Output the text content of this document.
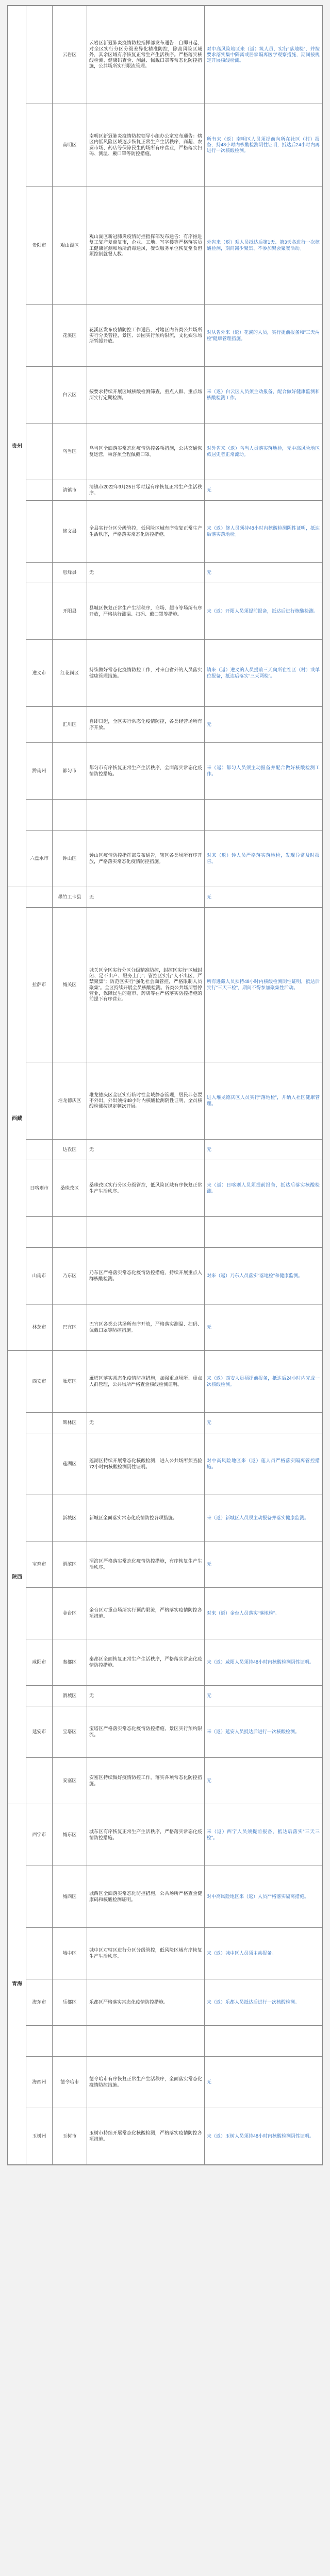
贵州		云岩区	云岩区新冠肺炎疫情防控指挥部发布通告：自即日起，对全区实行分区分级差异化精准防控，除高风险区域外，其余区域有序恢复正常生产生活秩序。严格落实核酸检测、健康码查验、测温、佩戴口罩等常态化防控措施，公共场所实行限流管理。	对中高风险地区来（返）筑人员，实行“落地检”，并按要求落实集中隔离或居家隔离医学观察措施，期间按规定开展核酸检测。
		南明区	南明区新冠肺炎疫情防控领导小组办公室发布通告：辖区内低风险区域逐步恢复正常生产生活秩序，商超、农贸市场、药店等保障民生的场所有序营业，严格落实扫码、测温、戴口罩等防控措施。	所有来（返）南明区人员须提前向所在社区（村）报备，持48小时内核酸检测阴性证明，抵达后24小时内再进行一次核酸检测。
	贵阳市	观山湖区	观山湖区新冠肺炎疫情防控指挥部发布通告：有序推进复工复产复商复市，企业、工地、写字楼等严格落实员工健康监测和场所消毒通风，餐饮服务单位恢复堂食但须控制就餐人数。	外省来（返）观人员抵达后第1天、第3天各进行一次核酸检测，期间减少聚集、不参加聚会聚餐活动。
		花溪区	花溪区发布疫情防控工作通告，对辖区内各类公共场所实行分类管控，景区、公园实行预约限流，文化娱乐场所暂缓开放。	对从省外来（返）花溪的人员，实行提前报备和“三天两检”健康管理措施。
		白云区	按要求持续开展区域核酸检测筛查，重点人群、重点场所实行定期检测。	来（返）白云区人员须主动报备，配合做好健康监测和核酸检测工作。
		乌当区	乌当区全面落实常态化疫情防控各项措施，公共交通恢复运营，乘客须全程佩戴口罩。	对外省来（返）乌当人员落实落地检，无中高风险地区旅居史者正常流动。
		清镇市	清镇市2022年9月25日零时起有序恢复正常生产生活秩序。	无
		修文县	全县实行分区分级管控，低风险区域有序恢复正常生产生活秩序，严格落实常态化防控措施。	来（返）修人员须持48小时内核酸检测阴性证明，抵达后落实落地检。
		息烽县	无	无
		开阳县	县城区恢复正常生产生活秩序，商场、超市等场所有序开放，严格执行测温、扫码、戴口罩等措施。	来（返）开阳人员须提前报备，抵达后进行核酸检测。
	遵义市	红花岗区	持续做好常态化疫情防控工作，对来自省外的人员落实健康管理措施。	请来（返）遵义的人员提前三天向所在社区（村）或单位报备，抵达后落实“三天两检”。
		汇川区	自即日起，全区实行常态化疫情防控，各类经营场所有序开放。	无
	黔南州	都匀市	都匀市有序恢复正常生产生活秩序，全面落实常态化疫情防控措施。	来（返）都匀人员须主动报备并配合做好核酸检测工作。

	六盘水市	钟山区	钟山区疫情防控指挥部发布通告，辖区各类场所有序开放，严格落实常态化疫情防控措施。	对来（返）钟人员严格落实落地检，发现异常及时报告。
西藏		墨竹工卡县	无	无
	拉萨市	城关区	城关区全区实行分区分级精准防控，封控区实行“区域封闭、足不出户、服务上门”；管控区实行“人不出区、严禁聚集”；防范区实行“强化社会面管控，严格限制人员聚集”。全区持续开展全员核酸检测。各类公共场所暂停营业，保障民生的超市、药店等在严格落实防控措施的前提下有序营业。	所有进藏人员须持48小时内核酸检测阴性证明，抵达后实行“三天三检”，期间不得参加聚集性活动。
		堆龙德庆区	堆龙德庆区全区实行临时性全域静态管理，居民非必要不外出，外出须持48小时内核酸检测阴性证明，全员核酸检测按规定频次开展。	进入堆龙德庆区人员实行“落地检”，并纳入社区健康管理。
		达孜区	无	无
	日喀则市	桑珠孜区	桑珠孜区实行分区分级管控，低风险区域有序恢复正常生产生活秩序。	来（返）日喀则人员须提前报备，抵达后落实核酸检测。

	山南市	乃东区	乃东区严格落实常态化疫情防控措施，持续开展重点人群核酸检测。	对来（返）乃东人员落实“落地检”和健康监测。
	林芝市	巴宜区	巴宜区各类公共场所有序开放，严格落实测温、扫码、佩戴口罩等防控措施。	无
陕西	西安市	雁塔区	雁塔区落实常态化疫情防控措施，加强重点场所、重点人群管理，公共场所严格查验核酸检测证明。	来（返）西安人员须提前报备，抵达后24小时内完成一次核酸检测。
		碑林区	无	无
		莲湖区	莲湖区持续开展常态化核酸检测，进入公共场所须查验72小时内核酸检测阴性证明。	对中高风险地区来（返）莲人员严格落实隔离管控措施。
		新城区	新城区全面落实常态化疫情防控各项措施。	来（返）新城区人员须主动报备并落实健康监测。
	宝鸡市	渭滨区	渭滨区严格落实常态化疫情防控措施，有序恢复生产生活秩序。	无
		金台区	金台区对重点场所实行预约限流，严格落实疫情防控各项措施。	对来（返）金台人员落实“落地检”。
	咸阳市	秦都区	秦都区全面恢复正常生产生活秩序，严格落实常态化疫情防控措施。	来（返）咸阳人员须持48小时内核酸检测阴性证明。
		渭城区	无	无
	延安市	宝塔区	宝塔区严格落实常态化疫情防控措施，景区实行预约限流。	来（返）延安人员抵达后进行一次核酸检测。
		安塞区	安塞区持续做好疫情防控工作，落实各项常态化防控措施。	无
青海	西宁市	城东区	城东区有序恢复正常生产生活秩序，严格落实常态化疫情防控措施。	来（返）西宁人员须提前报备，抵达后落实“三天三检”。
		城西区	城西区全面落实常态化防控措施，公共场所严格查验健康码和核酸检测证明。	对中高风险地区来（返）人员严格落实隔离措施。
		城中区	城中区对辖区进行分区分级管控，低风险区域有序恢复生产生活秩序。	来（返）城中区人员须主动报备。
	海东市	乐都区	乐都区严格落实常态化疫情防控措施。	来（返）乐都人员抵达后进行一次核酸检测。

	海西州	德令哈市	德令哈市有序恢复正常生产生活秩序，全面落实常态化疫情防控措施。	无
	玉树州	玉树市	玉树市持续开展常态化核酸检测，严格落实疫情防控各项措施。	来（返）玉树人员须持48小时内核酸检测阴性证明。
